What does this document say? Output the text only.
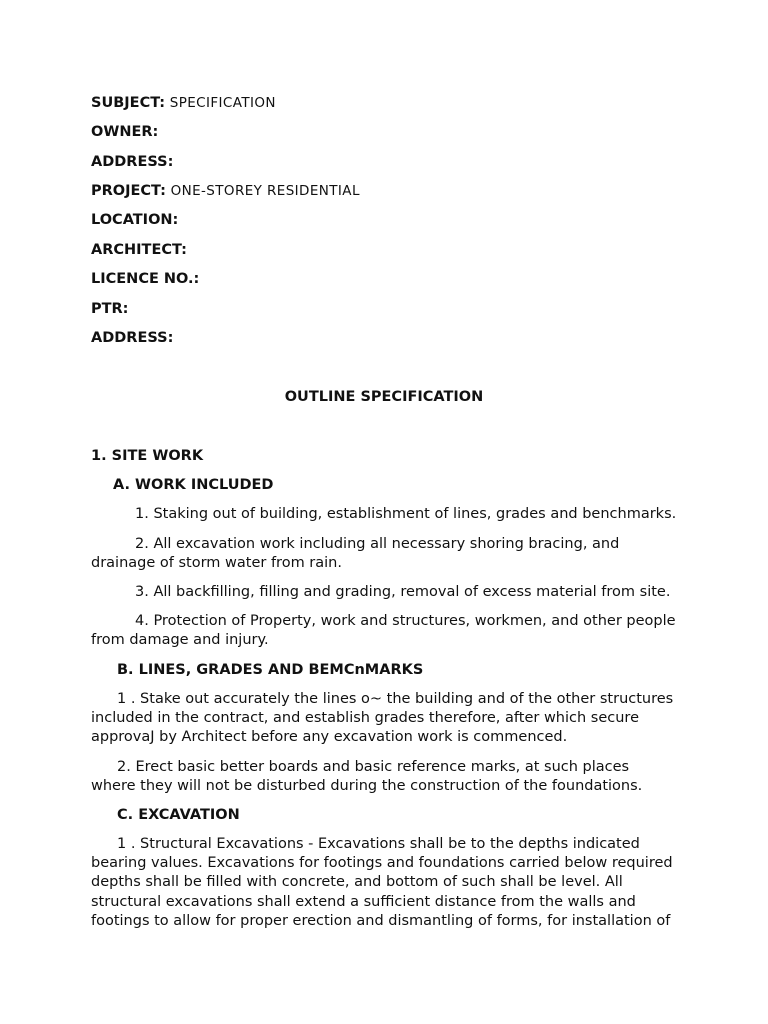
SUBJECT: SPECIFICATION
OWNER:
ADDRESS:
PROJECT: ONE-STOREY RESIDENTIAL
LOCATION:
ARCHITECT:
LICENCE NO.:
PTR:
ADDRESS:
OUTLINE SPECIFICATION
1. SITE WORK
A. WORK INCLUDED
1. Staking out of building, establishment of lines, grades and benchmarks.
2. All excavation work including all necessary shoring bracing, and
drainage of storm water from rain.
3. All backfilling, filling and grading, removal of excess material from site.
4. Protection of Property, work and structures, workmen, and other people
from damage and injury.
B. LINES, GRADES AND BEMCnMARKS
1 . Stake out accurately the lines o~ the building and of the other structures
included in the contract, and establish grades therefore, after which secure
approvaJ by Architect before any excavation work is commenced.
2. Erect basic better boards and basic reference marks, at such places
where they will not be disturbed during the construction of the foundations.
C. EXCAVATION
1 . Structural Excavations - Excavations shall be to the depths indicated
bearing values. Excavations for footings and foundations carried below required
depths shall be filled with concrete, and bottom of such shall be level. All
structural excavations shall extend a sufficient distance from the walls and
footings to allow for proper erection and dismantling of forms, for installation of
